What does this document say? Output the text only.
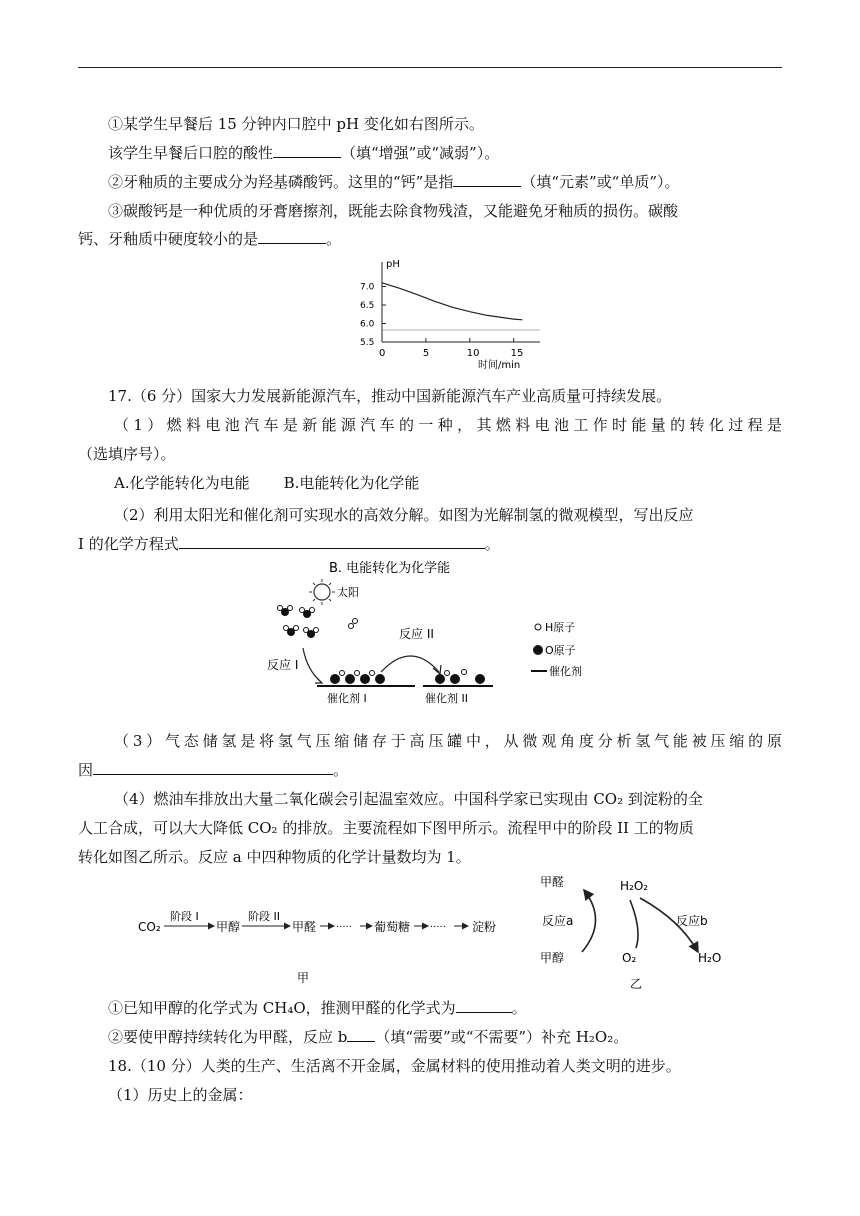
①某学生早餐后 15 分钟内口腔中 pH 变化如右图所示。
该学生早餐后口腔的酸性	（填“增强”或“减弱”）。
②牙釉质的主要成分为羟基磷酸钙。这里的“钙”是指	（填“元素”或“单质”）。
③碳酸钙是一种优质的牙膏磨擦剂，既能去除食物残渣，又能避免牙釉质的损伤。碳酸
钙、牙釉质中硬度较小的是	。
pH
时间/min
5.5
6.0
6.5
7.0
0	5	10	15
17.（6 分）国家大力发展新能源汽车，推动中国新能源汽车产业高质量可持续发展。
（1）燃料电池汽车是新能源汽车的一种，其燃料电池工作时能量的转化过程是
（选填序号）。
A.化学能转化为电能 B.电能转化为化学能
（2）利用太阳光和催化剂可实现水的高效分解。如图为光解制氢的微观模型，写出反应
I 的化学方程式	。
B. 电能转化为化学能
太阳
反应 I
反应 II
催化剂 I	催化剂 II
H原子
O原子
催化剂
（3）气态储氢是将氢气压缩储存于高压罐中，从微观角度分析氢气能被压缩的原
因	。
（4）燃油车排放出大量二氧化碳会引起温室效应。中国科学家已实现由 CO₂ 到淀粉的全
人工合成，可以大大降低 CO₂ 的排放。主要流程如下图甲所示。流程甲中的阶段 II 工的物质
转化如图乙所示。反应 a 中四种物质的化学计量数均为 1。
CO₂
阶段 I
甲醇
阶段 II
甲醛 ····· 葡萄糖 ····· 淀粉
甲
甲醛	H₂O₂
反应a	反应b
甲醇	O₂	H₂O
乙
①已知甲醇的化学式为 CH₄O，推测甲醛的化学式为	。
②要使甲醇持续转化为甲醛，反应 b （填“需要”或“不需要”）补充 H₂O₂。
18.（10 分）人类的生产、生活离不开金属，金属材料的使用推动着人类文明的进步。
（1）历史上的金属：
